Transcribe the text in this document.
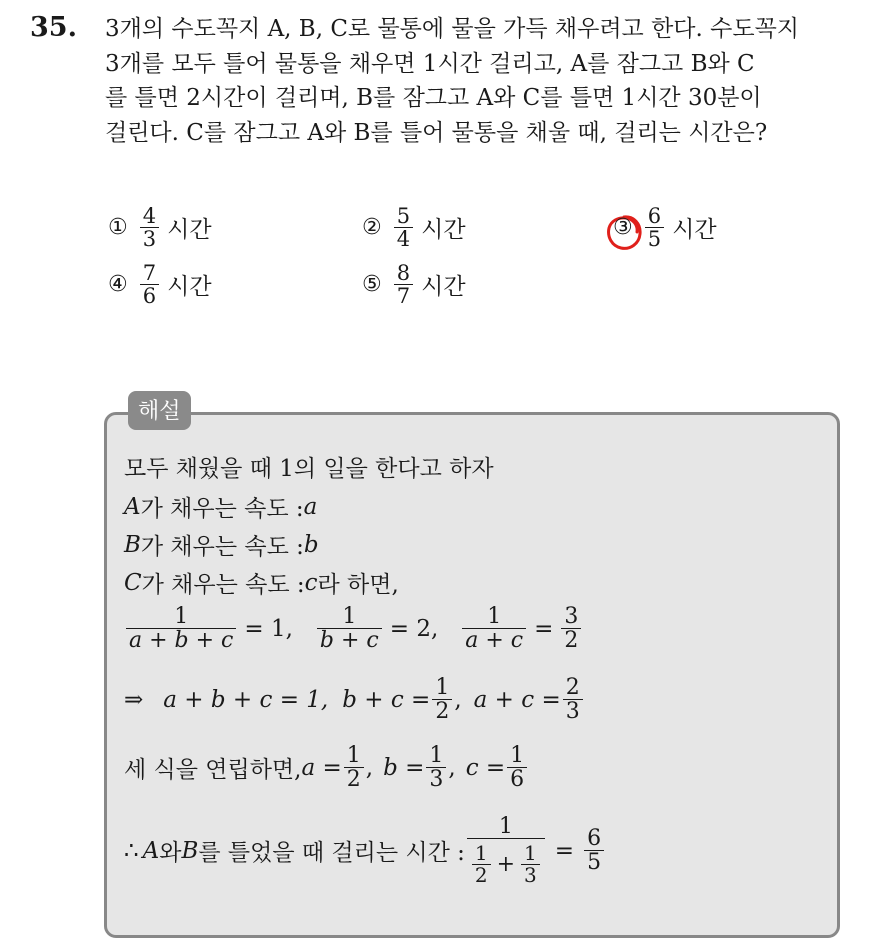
35. 3개의 수도꼭지 A, B, C로 물통에 물을 가득 채우려고 한다. 수도꼭지
3개를 모두 틀어 물통을 채우면 1시간 걸리고, A를 잠그고 B와 C
를 틀면 2시간이 걸리며, B를 잠그고 A와 C를 틀면 1시간 30분이
걸린다. C를 잠그고 A와 B를 틀어 물통을 채울 때, 걸리는 시간은?
① $\frac{4}{3}$ 시간	② $\frac{5}{4}$ 시간	③ $\frac{6}{5}$ 시간
④ $\frac{7}{6}$ 시간	⑤ $\frac{8}{7}$ 시간
해설
모두 채웠을 때 1의 일을 한다고 하자
A 가 채우는 속도 : a
B 가 채우는 속도 : b
C 가 채우는 속도 : c 라 하면,
$\frac{1}{a + b + c} = 1$, $\frac{1}{b + c} = 2$, $\frac{1}{a + c} = \frac{3}{2}$
⇒ a + b + c = 1, $b + c = \frac{1}{2}$ , $a + c = \frac{2}{3}$
세 식을 연립하면, $a = \frac{1}{2}$ , $b = \frac{1}{3}$ , $c = \frac{1}{6}$
∴ A 와 B 를 틀었을 때 걸리는 시간 : $\frac{1}{\frac{1}{2} + \frac{1}{3}} = \frac{6}{5}$
